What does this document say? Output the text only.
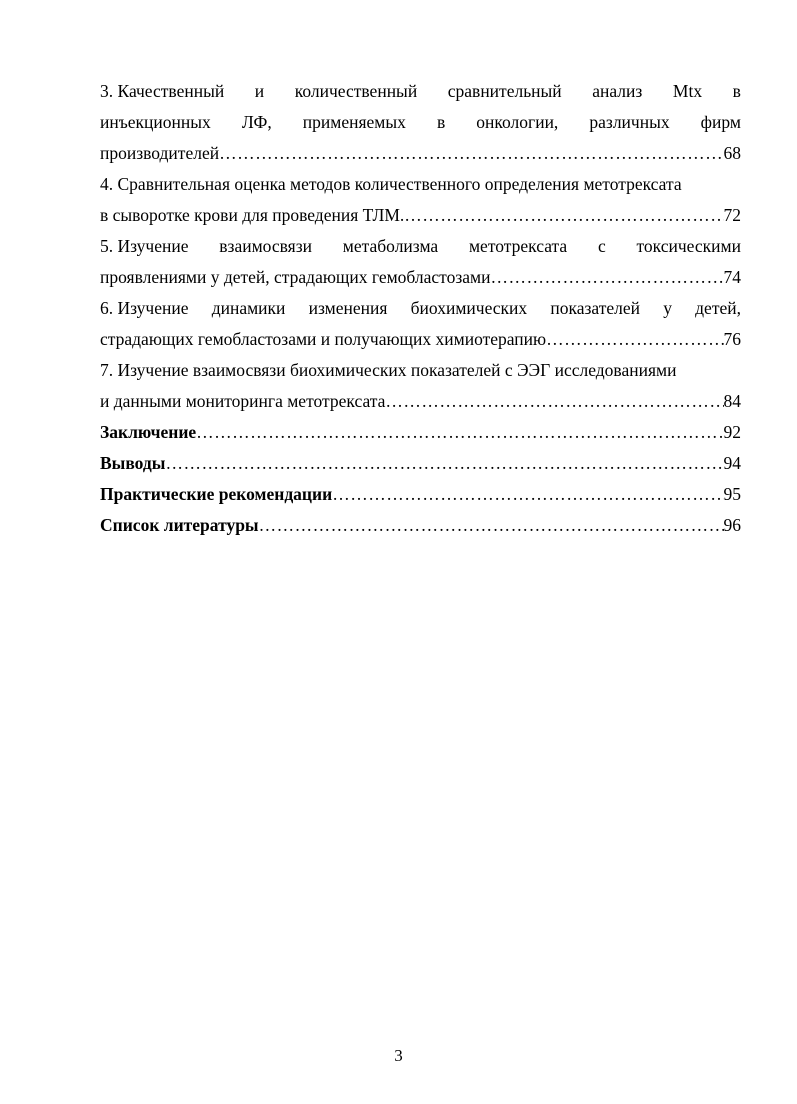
3. Качественный и количественный сравнительный анализ Mtx в
инъекционных ЛФ, применяемых в онкологии, различных фирм
производителей ……………………………………………………………………………………………………………………………………………………………………………………	68
4. Сравнительная оценка методов количественного определения метотрексата
в сыворотке крови для проведения ТЛМ. ……………………………………………………………………………………………………………………………………………………………………………………	72
5. Изучение взаимосвязи метаболизма метотрексата с токсическими
проявлениями у детей, страдающих гемобластозами ……………………………………………………………………………………………………………………………………………………………………………………	74
6. Изучение динамики изменения биохимических показателей у детей,
страдающих гемобластозами и получающих химиотерапию ……………………………………………………………………………………………………………………………………………………………………………………	76
7. Изучение взаимосвязи биохимических показателей с ЭЭГ исследованиями
и данными мониторинга метотрексата ……………………………………………………………………………………………………………………………………………………………………………………	84
Заключение ……………………………………………………………………………………………………………………………………………………………………………………	92
Выводы ……………………………………………………………………………………………………………………………………………………………………………………	94
Практические рекомендации ……………………………………………………………………………………………………………………………………………………………………………………	95
Список литературы ……………………………………………………………………………………………………………………………………………………………………………………	96
3
